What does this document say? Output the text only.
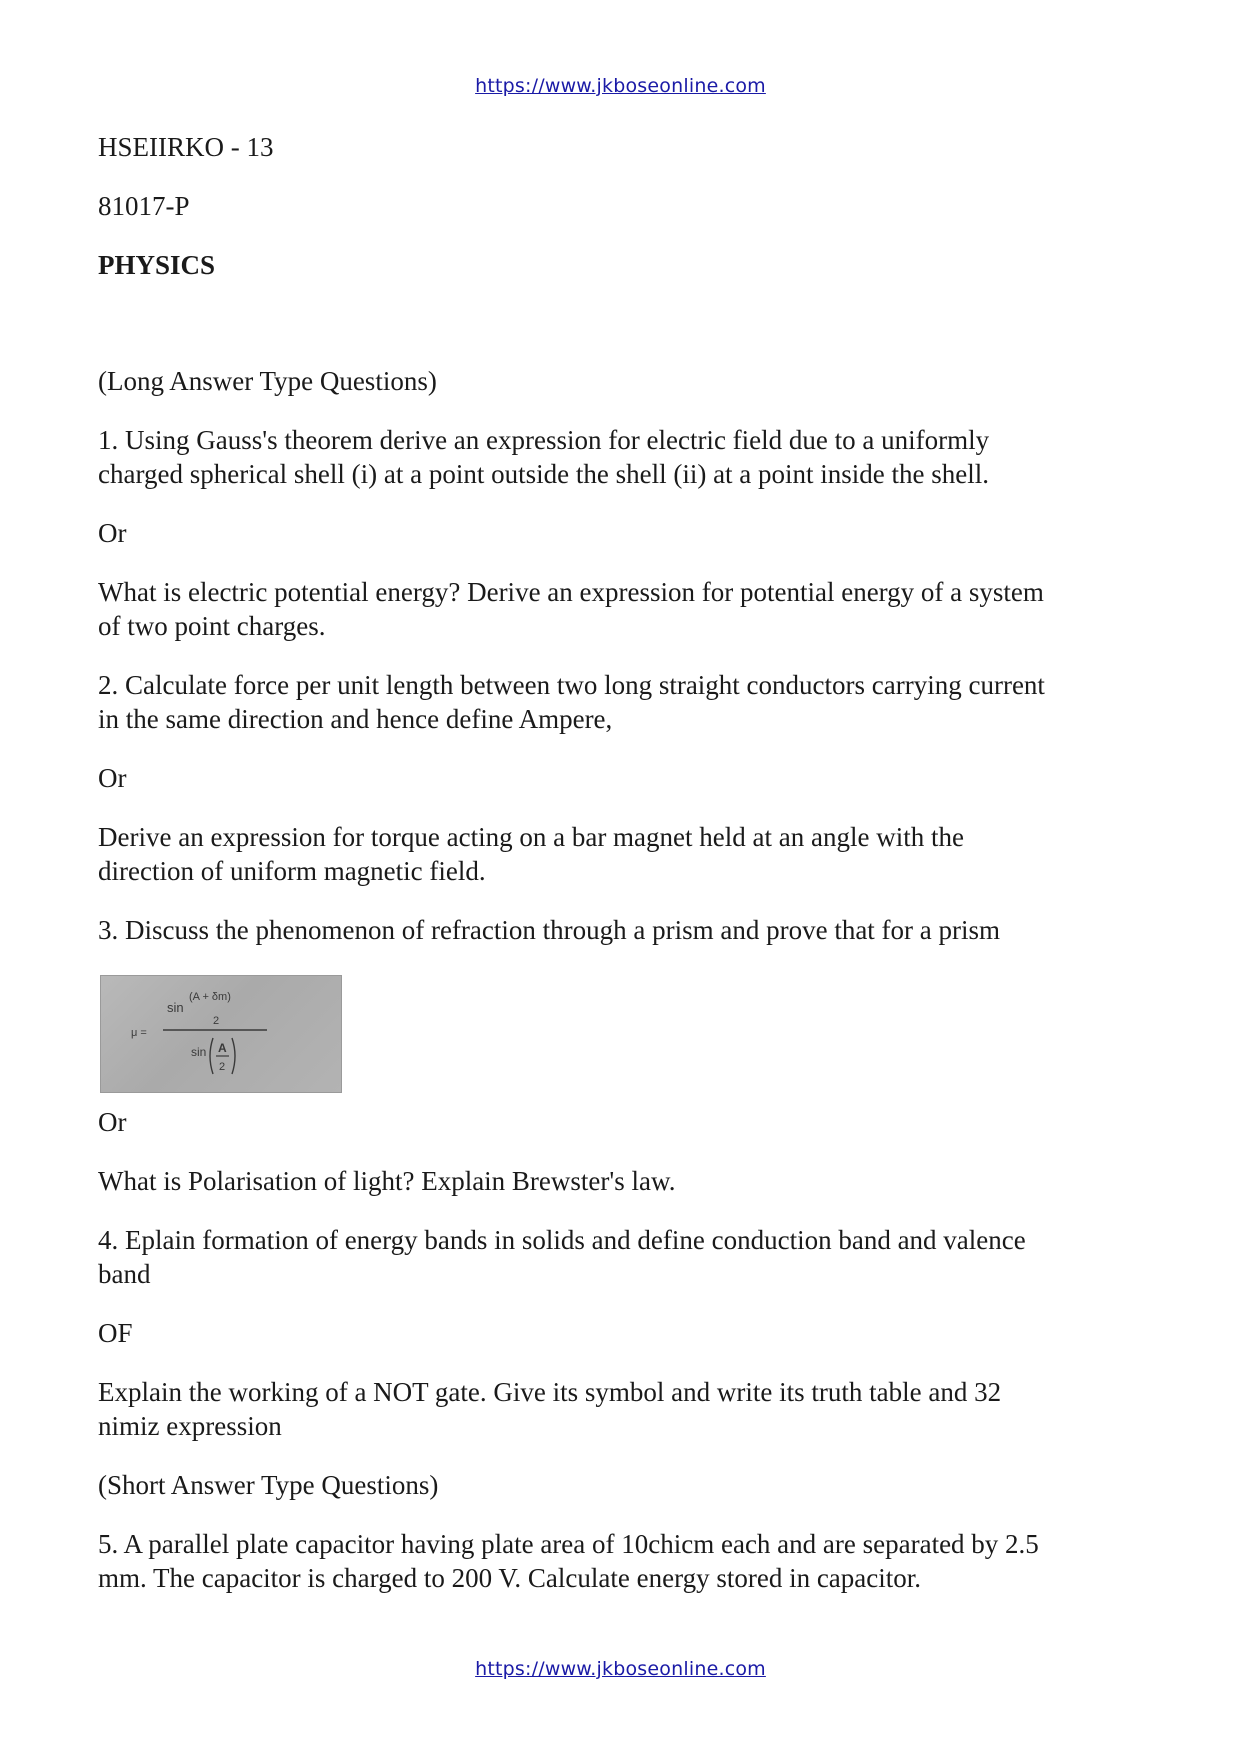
https://www.jkboseonline.com
HSEIIRKO - 13
81017-P
PHYSICS
(Long Answer Type Questions)
1. Using Gauss's theorem derive an expression for electric field due to a uniformly
charged spherical shell (i) at a point outside the shell (ii) at a point inside the shell.
Or
What is electric potential energy? Derive an expression for potential energy of a system
of two point charges.
2. Calculate force per unit length between two long straight conductors carrying current
in the same direction and hence define Ampere,
Or
Derive an expression for torque acting on a bar magnet held at an angle with the
direction of uniform magnetic field.
3. Discuss the phenomenon of refraction through a prism and prove that for a prism
μ =
sin
(A + δm)
2
sin A
2
Or
What is Polarisation of light? Explain Brewster's law.
4. Eplain formation of energy bands in solids and define conduction band and valence
band
OF
Explain the working of a NOT gate. Give its symbol and write its truth table and 32
nimiz expression
(Short Answer Type Questions)
5. A parallel plate capacitor having plate area of 10chicm each and are separated by 2.5
mm. The capacitor is charged to 200 V. Calculate energy stored in capacitor.
https://www.jkboseonline.com
